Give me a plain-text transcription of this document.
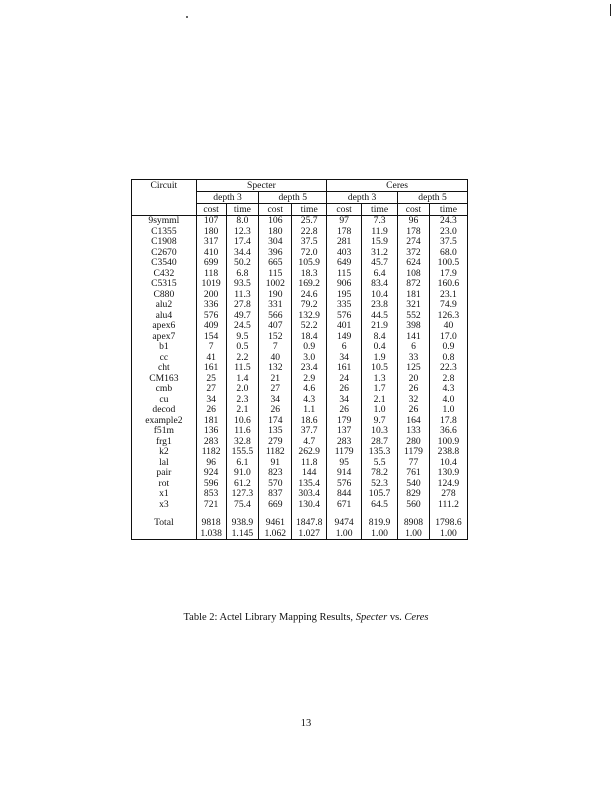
Circuit	Specter				Ceres			
	depth 3		depth 5		depth 3		depth 5	
	cost	time	cost	time	cost	time	cost	time
9symml	107	8.0	106	25.7	97	7.3	96	24.3
C1355	180	12.3	180	22.8	178	11.9	178	23.0
C1908	317	17.4	304	37.5	281	15.9	274	37.5
C2670	410	34.4	396	72.0	403	31.2	372	68.0
C3540	699	50.2	665	105.9	649	45.7	624	100.5
C432	118	6.8	115	18.3	115	6.4	108	17.9
C5315	1019	93.5	1002	169.2	906	83.4	872	160.6
C880	200	11.3	190	24.6	195	10.4	181	23.1
alu2	336	27.8	331	79.2	335	23.8	321	74.9
alu4	576	49.7	566	132.9	576	44.5	552	126.3
apex6	409	24.5	407	52.2	401	21.9	398	40
apex7	154	9.5	152	18.4	149	8.4	141	17.0
b1	7	0.5	7	0.9	6	0.4	6	0.9
cc	41	2.2	40	3.0	34	1.9	33	0.8
cht	161	11.5	132	23.4	161	10.5	125	22.3
CM163	25	1.4	21	2.9	24	1.3	20	2.8
cmb	27	2.0	27	4.6	26	1.7	26	4.3
cu	34	2.3	34	4.3	34	2.1	32	4.0
decod	26	2.1	26	1.1	26	1.0	26	1.0
example2	181	10.6	174	18.6	179	9.7	164	17.8
f51m	136	11.6	135	37.7	137	10.3	133	36.6
frg1	283	32.8	279	4.7	283	28.7	280	100.9
k2	1182	155.5	1182	262.9	1179	135.3	1179	238.8
lal	96	6.1	91	11.8	95	5.5	77	10.4
pair	924	91.0	823	144	914	78.2	761	130.9
rot	596	61.2	570	135.4	576	52.3	540	124.9
x1	853	127.3	837	303.4	844	105.7	829	278
x3	721	75.4	669	130.4	671	64.5	560	111.2

Total	9818	938.9	9461	1847.8	9474	819.9	8908	1798.6
	1.038	1.145	1.062	1.027	1.00	1.00	1.00	1.00
Table 2: Actel Library Mapping Results, Specter vs. Ceres
13
